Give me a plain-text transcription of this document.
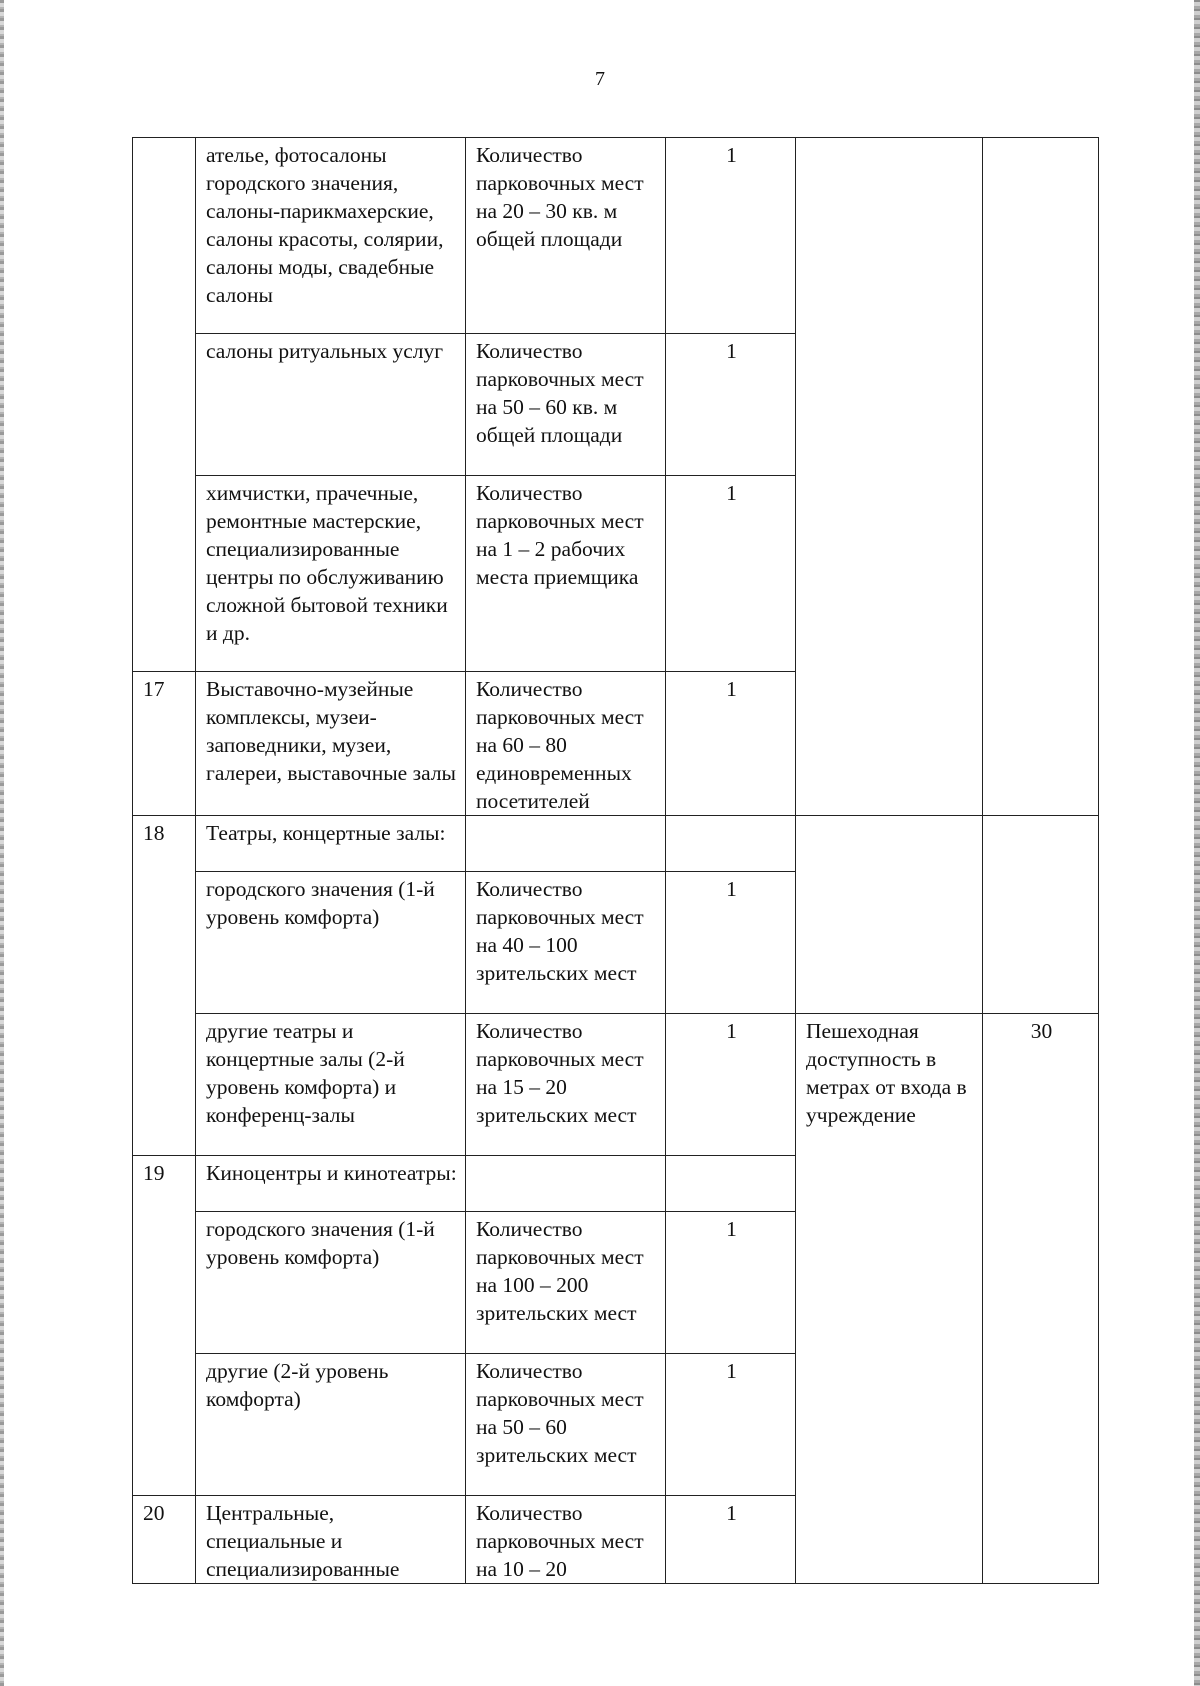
7
	ателье, фотосалоны городского значения, салоны-парикмахерские, салоны красоты, солярии, салоны моды, свадебные салоны	Количество парковочных мест на 20 – 30 кв. м общей площади	1		
	салоны ритуальных услуг	Количество парковочных мест на 50 – 60 кв. м общей площади	1		
	химчистки, прачечные, ремонтные мастерские, специализированные центры по обслуживанию сложной бытовой техники и др.	Количество парковочных мест на 1 – 2 рабочих места приемщика	1		
17	Выставочно-музейные комплексы, музеи-заповедники, музеи, галереи, выставочные залы	Количество парковочных мест на 60 – 80 единовременных посетителей	1		
18	Театры, концертные залы:				
	городского значения (1-й уровень комфорта)	Количество парковочных мест на 40 – 100 зрительских мест	1		
	другие театры и концертные залы (2-й уровень комфорта) и конференц-залы	Количество парковочных мест на 15 – 20 зрительских мест	1	Пешеходная доступность в метрах от входа в учреждение	30
19	Киноцентры и кинотеатры:				
	городского значения (1-й уровень комфорта)	Количество парковочных мест на 100 – 200 зрительских мест	1		
	другие (2-й уровень комфорта)	Количество парковочных мест на 50 – 60 зрительских мест	1		
20	Центральные, специальные и специализированные	Количество парковочных мест на 10 – 20	1		
